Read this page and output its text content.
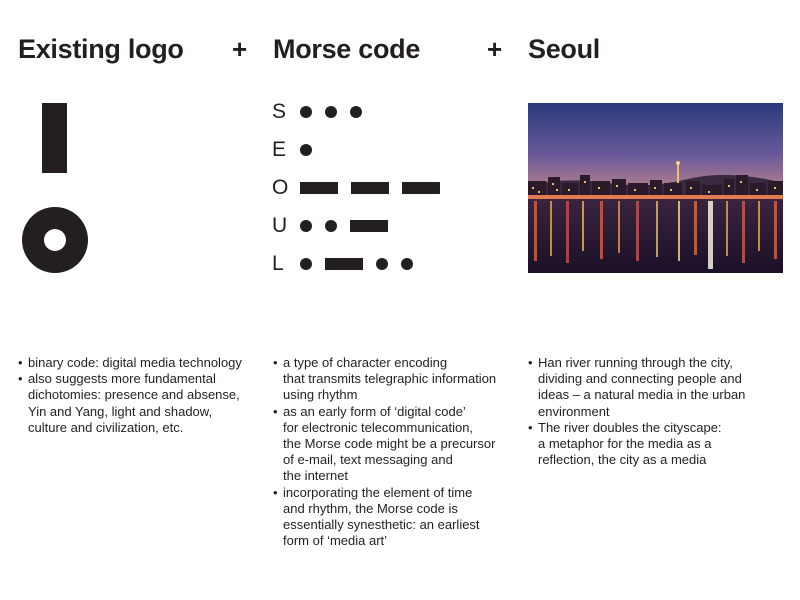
Existing logo + Morse code	+ Seoul
S
E
O
U
L
• binary code: digital media technology
• also suggests more fundamental
dichotomies: presence and absense,
Yin and Yang, light and shadow,
culture and civilization, etc.
• a type of character encoding
that transmits telegraphic information
using rhythm
• as an early form of ‘digital code’
for electronic telecommunication,
the Morse code might be a precursor
of e-mail, text messaging and
the internet
• incorporating the element of time
and rhythm, the Morse code is
essentially synesthetic: an earliest
form of ‘media art’
• Han river running through the city,
dividing and connecting people and
ideas – a natural media in the urban
environment
• The river doubles the cityscape:
a metaphor for the media as a
reflection, the city as a media
